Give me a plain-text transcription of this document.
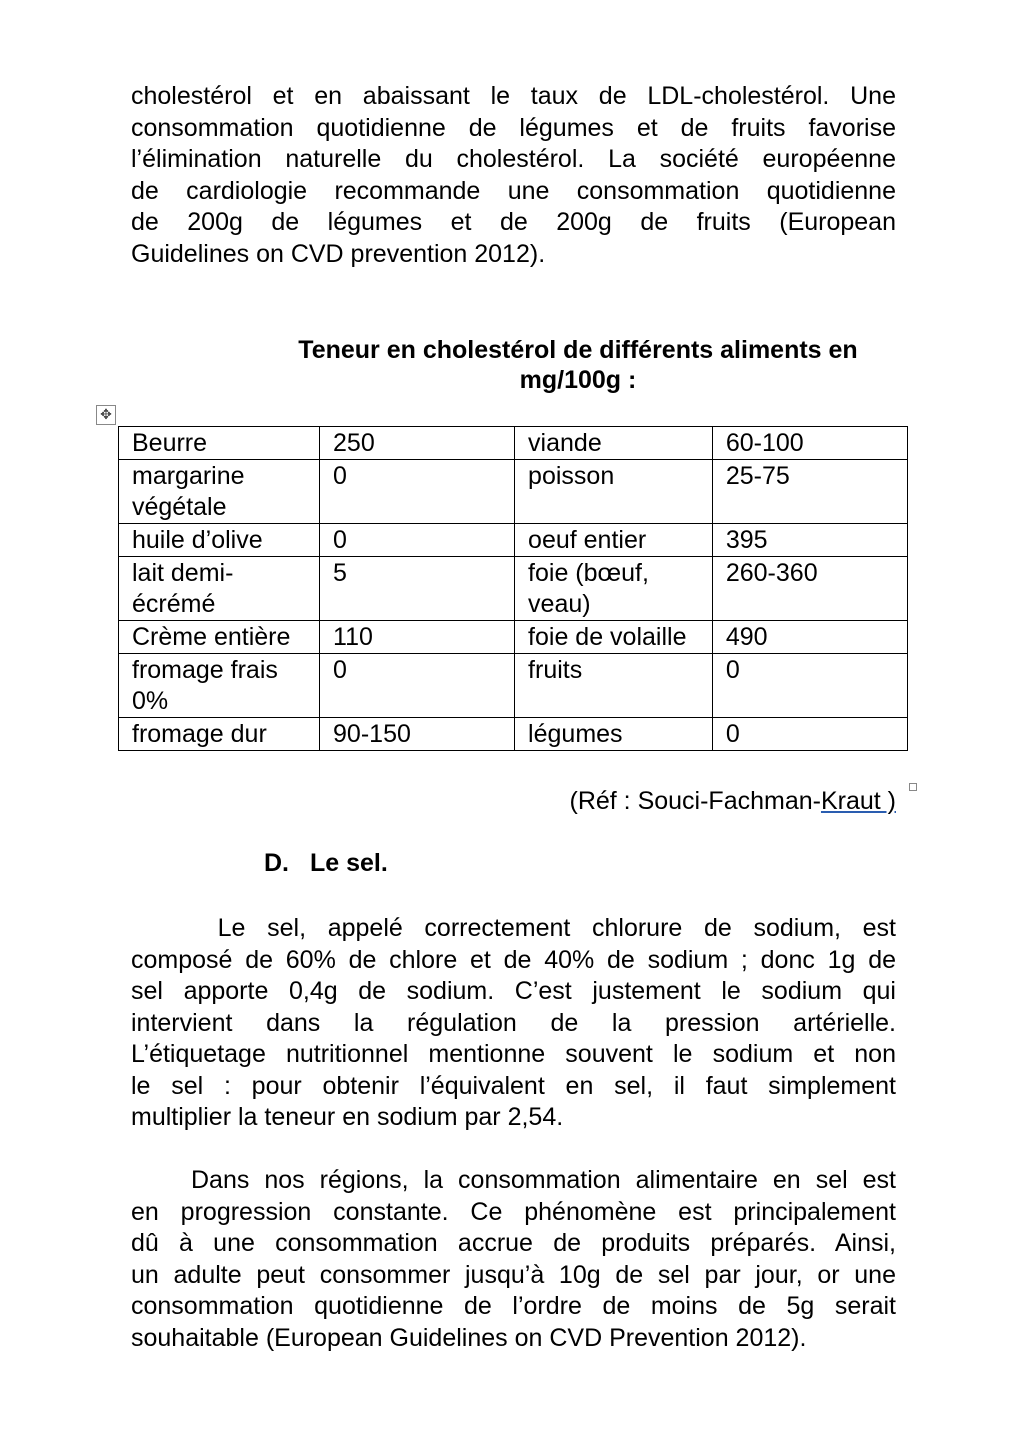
cholestérol et en abaissant le taux de LDL-cholestérol. Une
consommation quotidienne de légumes et de fruits favorise
l’élimination naturelle du cholestérol. La société européenne
de cardiologie recommande une consommation quotidienne
de 200g de légumes et de 200g de fruits (European
Guidelines on CVD prevention 2012).
Teneur en cholestérol de différents aliments en
mg/100g :
✥
Beurre	250	viande	60-100
margarine végétale	0	poisson	25-75
huile d’olive	0	oeuf entier	395
lait demi-écrémé	5	foie (bœuf, veau)	260-360
Crème entière	110	foie de volaille	490
fromage frais 0%	0	fruits	0
fromage dur	90-150	légumes	0

(Réf : Souci-Fachman-Kraut )

D. Le sel.

Le sel, appelé correctement chlorure de sodium, est
composé de 60% de chlore et de 40% de sodium ; donc 1g de
sel apporte 0,4g de sodium. C’est justement le sodium qui
intervient dans la régulation de la pression artérielle.
L’étiquetage nutritionnel mentionne souvent le sodium et non
le sel : pour obtenir l’équivalent en sel, il faut simplement
multiplier la teneur en sodium par 2,54.
Dans nos régions, la consommation alimentaire en sel est
en progression constante. Ce phénomène est principalement
dû à une consommation accrue de produits préparés. Ainsi,
un adulte peut consommer jusqu’à 10g de sel par jour, or une
consommation quotidienne de l’ordre de moins de 5g serait
souhaitable (European Guidelines on CVD Prevention 2012).
